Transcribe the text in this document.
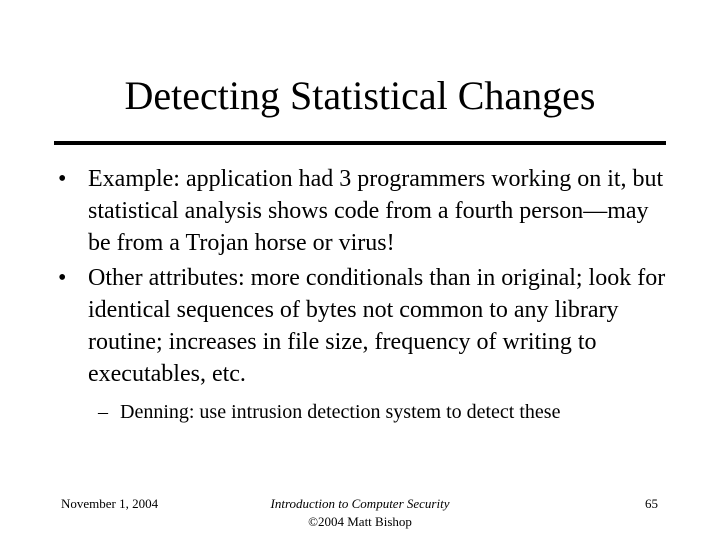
Detecting Statistical Changes
• Example: application had 3 programmers working on it, but statistical analysis shows code from a fourth person—may be from a Trojan horse or virus!
• Other attributes: more conditionals than in original; look for identical sequences of bytes not common to any library routine; increases in file size, frequency of writing to executables, etc.
– Denning: use intrusion detection system to detect these
November 1, 2004	Introduction to Computer Security
©2004 Matt Bishop
65
